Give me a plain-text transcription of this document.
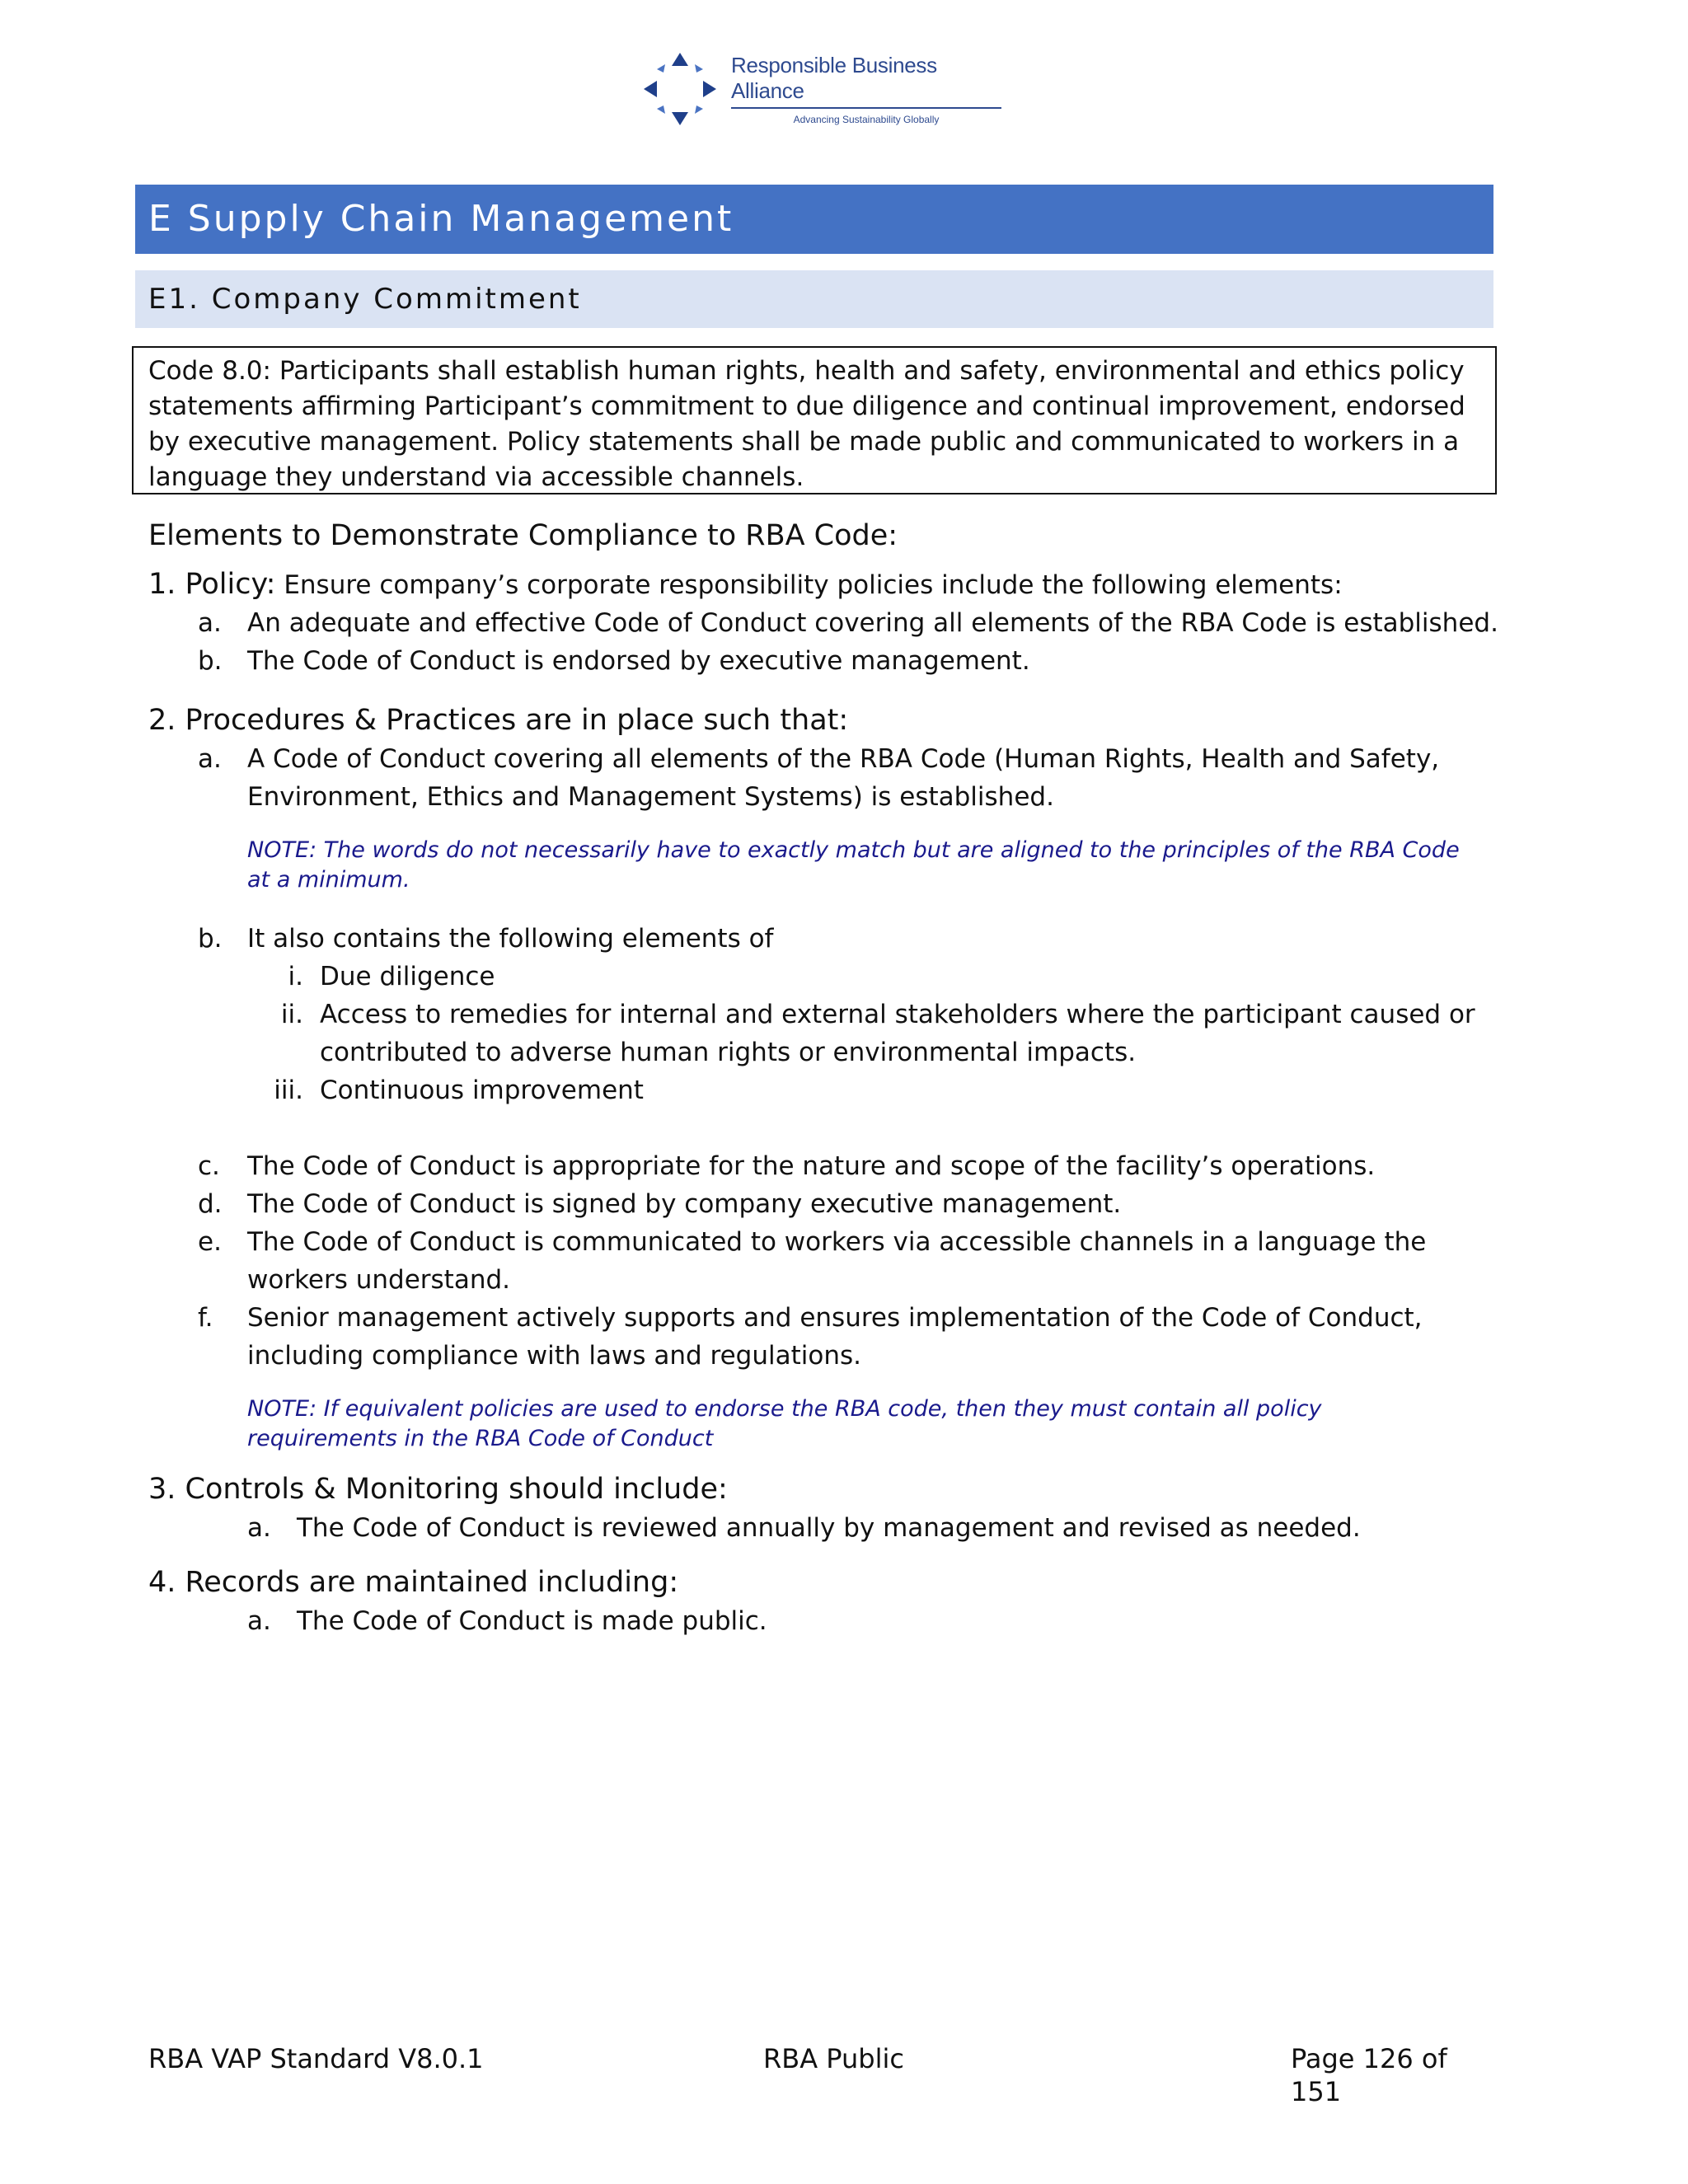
Responsible Business Alliance
Advancing Sustainability Globally
E Supply Chain Management
E1. Company Commitment
Code 8.0: Participants shall establish human rights, health and safety, environmental and ethics policy statements affirming Participant’s commitment to due diligence and continual improvement, endorsed by executive management. Policy statements shall be made public and communicated to workers in a language they understand via accessible channels.
Elements to Demonstrate Compliance to RBA Code:
1. Policy: Ensure company’s corporate responsibility policies include the following elements:
a.	An adequate and effective Code of Conduct covering all elements of the RBA Code is established.
b. The Code of Conduct is endorsed by executive management.
2. Procedures & Practices are in place such that:
a.	A Code of Conduct covering all elements of the RBA Code (Human Rights, Health and Safety, Environment, Ethics and Management Systems) is established.
NOTE: The words do not necessarily have to exactly match but are aligned to the principles of the RBA Code at a minimum.
b. It also contains the following elements of
i. Due diligence
ii. Access to remedies for internal and external stakeholders where the participant caused or contributed to adverse human rights or environmental impacts.
iii. Continuous improvement
c.	The Code of Conduct is appropriate for the nature and scope of the facility’s operations.
d. The Code of Conduct is signed by company executive management.
e.	The Code of Conduct is communicated to workers via accessible channels in a language the workers understand.
f.	Senior management actively supports and ensures implementation of the Code of Conduct, including compliance with laws and regulations.
NOTE: If equivalent policies are used to endorse the RBA code, then they must contain all policy requirements in the RBA Code of Conduct
3. Controls & Monitoring should include:
a.	The Code of Conduct is reviewed annually by management and revised as needed.
4. Records are maintained including:
a.	The Code of Conduct is made public.
RBA VAP Standard V8.0.1	RBA Public	Page 126 of 151
